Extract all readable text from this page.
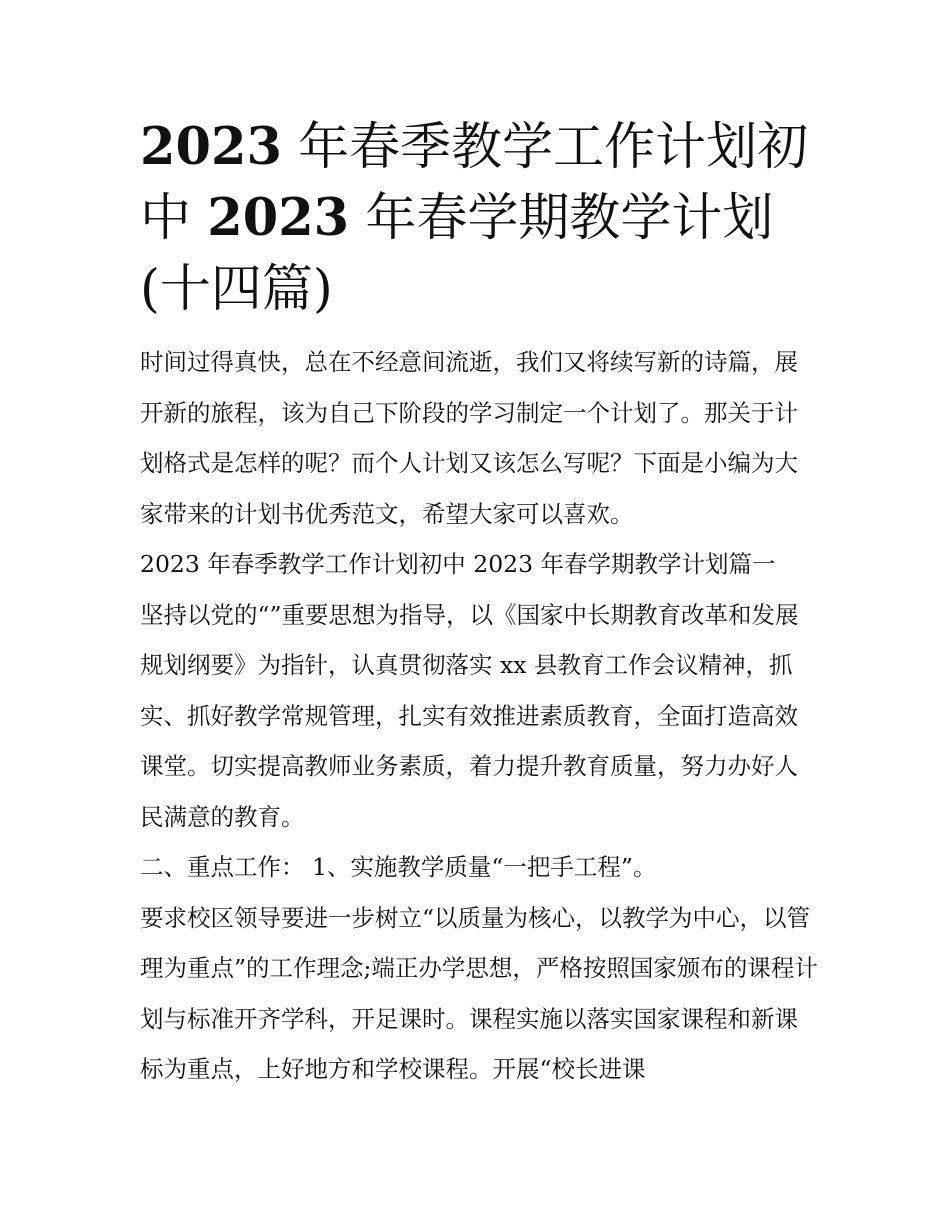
2023 年春季教学工作计划初中 2023 年春学期教学计划(十四篇)

时间过得真快，总在不经意间流逝，我们又将续写新的诗篇，展开新的旅程，该为自己下阶段的学习制定一个计划了。那关于计划格式是怎样的呢？而个人计划又该怎么写呢？下面是小编为大家带来的计划书优秀范文，希望大家可以喜欢。

2023 年春季教学工作计划初中 2023 年春学期教学计划篇一

坚持以党的“”重要思想为指导，以《国家中长期教育改革和发展规划纲要》为指针，认真贯彻落实 xx 县教育工作会议精神，抓实、抓好教学常规管理，扎实有效推进素质教育，全面打造高效课堂。切实提高教师业务素质，着力提升教育质量，努力办好人民满意的教育。

二、重点工作： 1、实施教学质量“一把手工程”。

要求校区领导要进一步树立“以质量为核心，以教学为中心，以管理为重点”的工作理念;端正办学思想，严格按照国家颁布的课程计划与标准开齐学科，开足课时。课程实施以落实国家课程和新课标为重点，上好地方和学校课程。开展“校长进课
